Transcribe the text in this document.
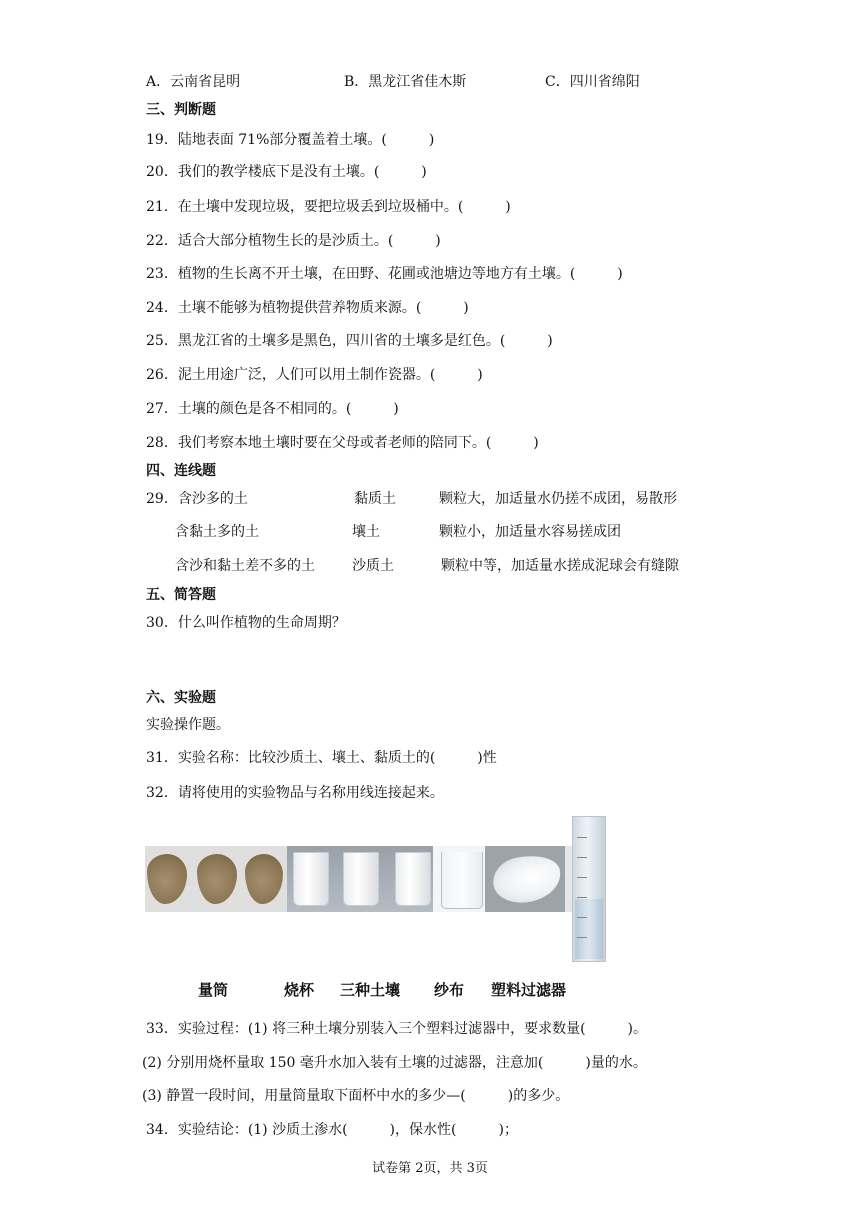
A．云南省昆明	B．黑龙江省佳木斯	C．四川省绵阳
三、判断题
19．陆地表面 71%部分覆盖着土壤。(　　　)
20．我们的教学楼底下是没有土壤。(　　　)
21．在土壤中发现垃圾，要把垃圾丢到垃圾桶中。(　　　)
22．适合大部分植物生长的是沙质土。(　　　)
23．植物的生长离不开土壤，在田野、花圃或池塘边等地方有土壤。(　　　)
24．土壤不能够为植物提供营养物质来源。(　　　)
25．黑龙江省的土壤多是黑色，四川省的土壤多是红色。(　　　)
26．泥土用途广泛，人们可以用土制作瓷器。(　　　)
27．土壤的颜色是各不相同的。(　　　)
28．我们考察本地土壤时要在父母或者老师的陪同下。(　　　)
四、连线题
29．含沙多的土	黏质土	颗粒大，加适量水仍搓不成团，易散形
含黏土多的土	壤土	颗粒小，加适量水容易搓成团
含沙和黏土差不多的土	沙质土	颗粒中等，加适量水搓成泥球会有缝隙
五、简答题
30．什么叫作植物的生命周期？
六、实验题
实验操作题。
31．实验名称：比较沙质土、壤土、黏质土的(　　　)性
32．请将使用的实验物品与名称用线连接起来。
量筒	烧杯 三种土壤 纱布 塑料过滤器
33．实验过程：(1) 将三种土壤分别装入三个塑料过滤器中，要求数量(　　　)。
(2) 分别用烧杯量取 150 毫升水加入装有土壤的过滤器，注意加(　　　)量的水。
(3) 静置一段时间，用量筒量取下面杯中水的多少—(　　　)的多少。
34．实验结论：(1) 沙质土渗水(　　　)，保水性(　　　)；
试卷第 2页，共 3页
